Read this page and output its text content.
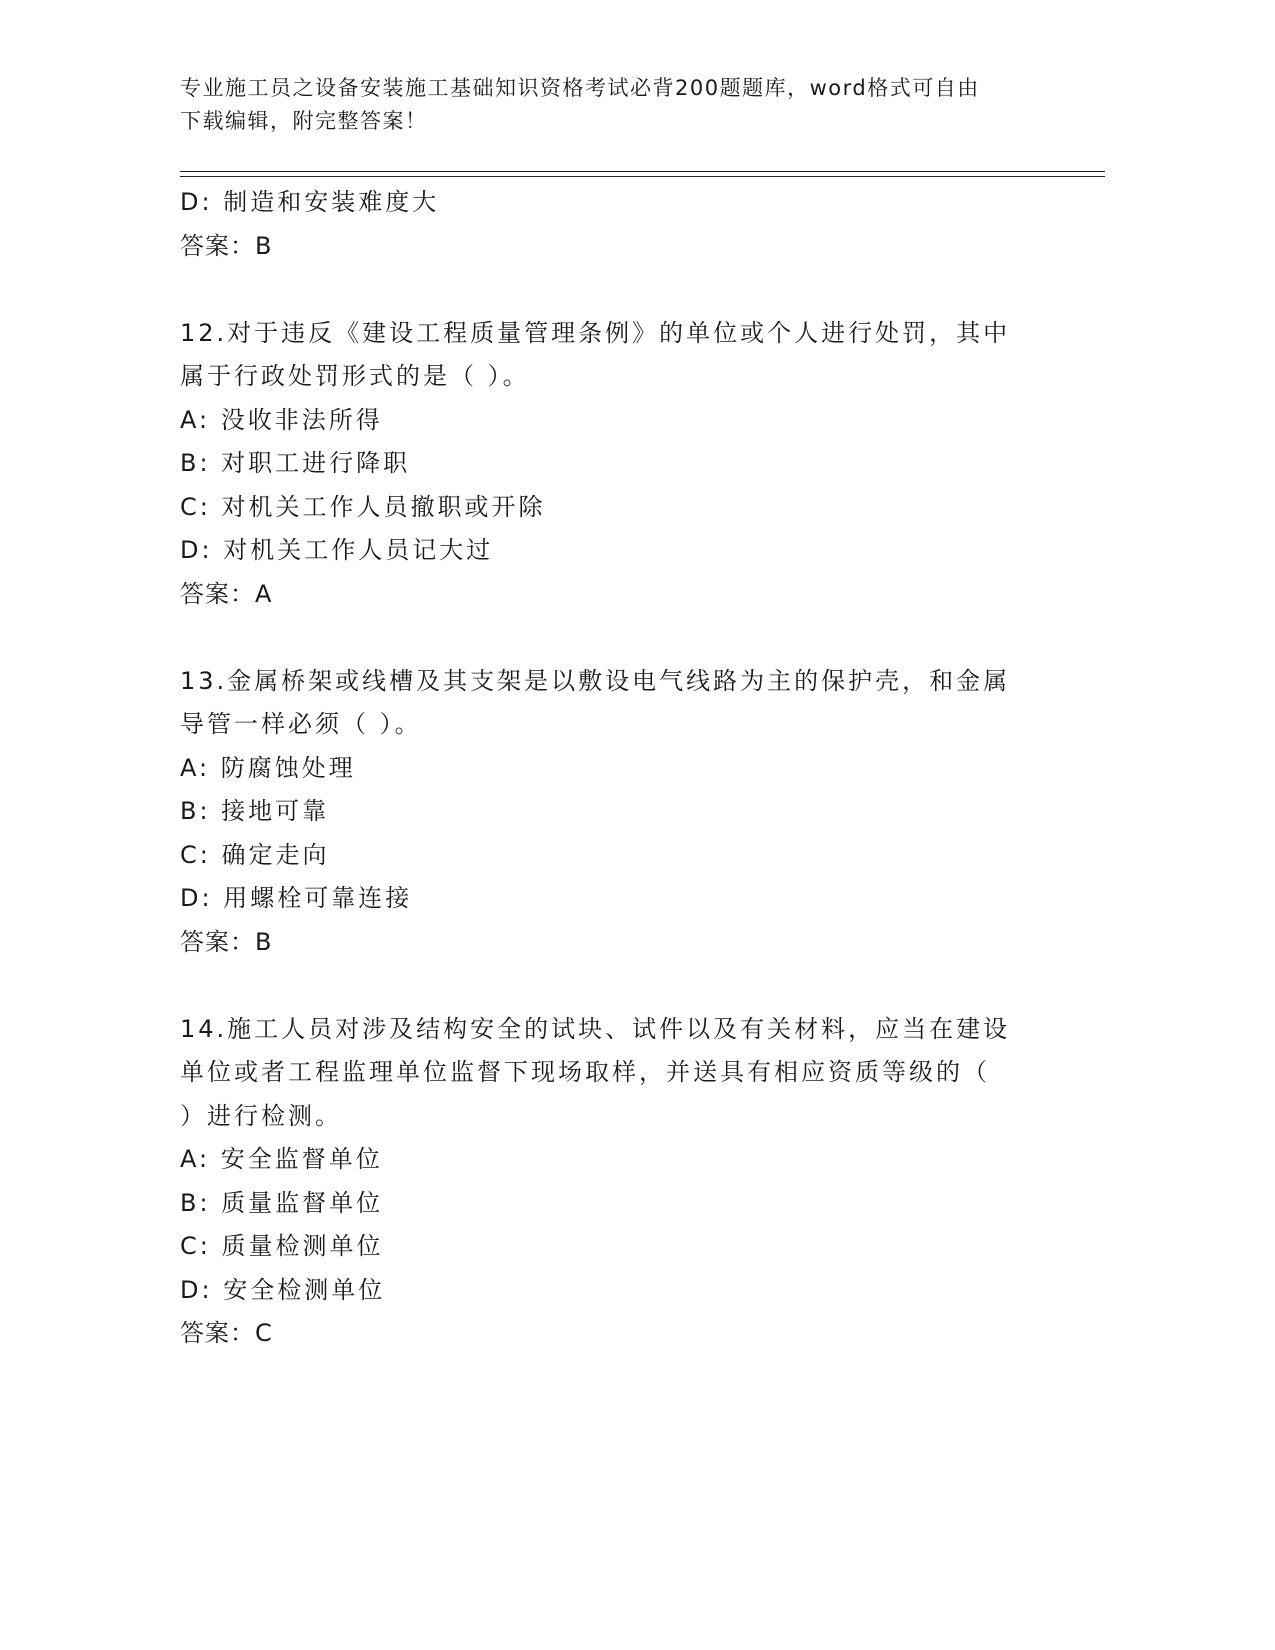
专业施工员之设备安装施工基础知识资格考试必背200题题库，word格式可自由
下载编辑，附完整答案！
D: 制造和安装难度大
答案：B
12.对于违反《建设工程质量管理条例》的单位或个人进行处罚，其中
属于行政处罚形式的是（ ）。
A: 没收非法所得
B: 对职工进行降职
C: 对机关工作人员撤职或开除
D: 对机关工作人员记大过
答案：A
13.金属桥架或线槽及其支架是以敷设电气线路为主的保护壳，和金属
导管一样必须（ ）。
A: 防腐蚀处理
B: 接地可靠
C: 确定走向
D: 用螺栓可靠连接
答案：B
14.施工人员对涉及结构安全的试块、试件以及有关材料，应当在建设
单位或者工程监理单位监督下现场取样，并送具有相应资质等级的（
）进行检测。
A: 安全监督单位
B: 质量监督单位
C: 质量检测单位
D: 安全检测单位
答案：C
